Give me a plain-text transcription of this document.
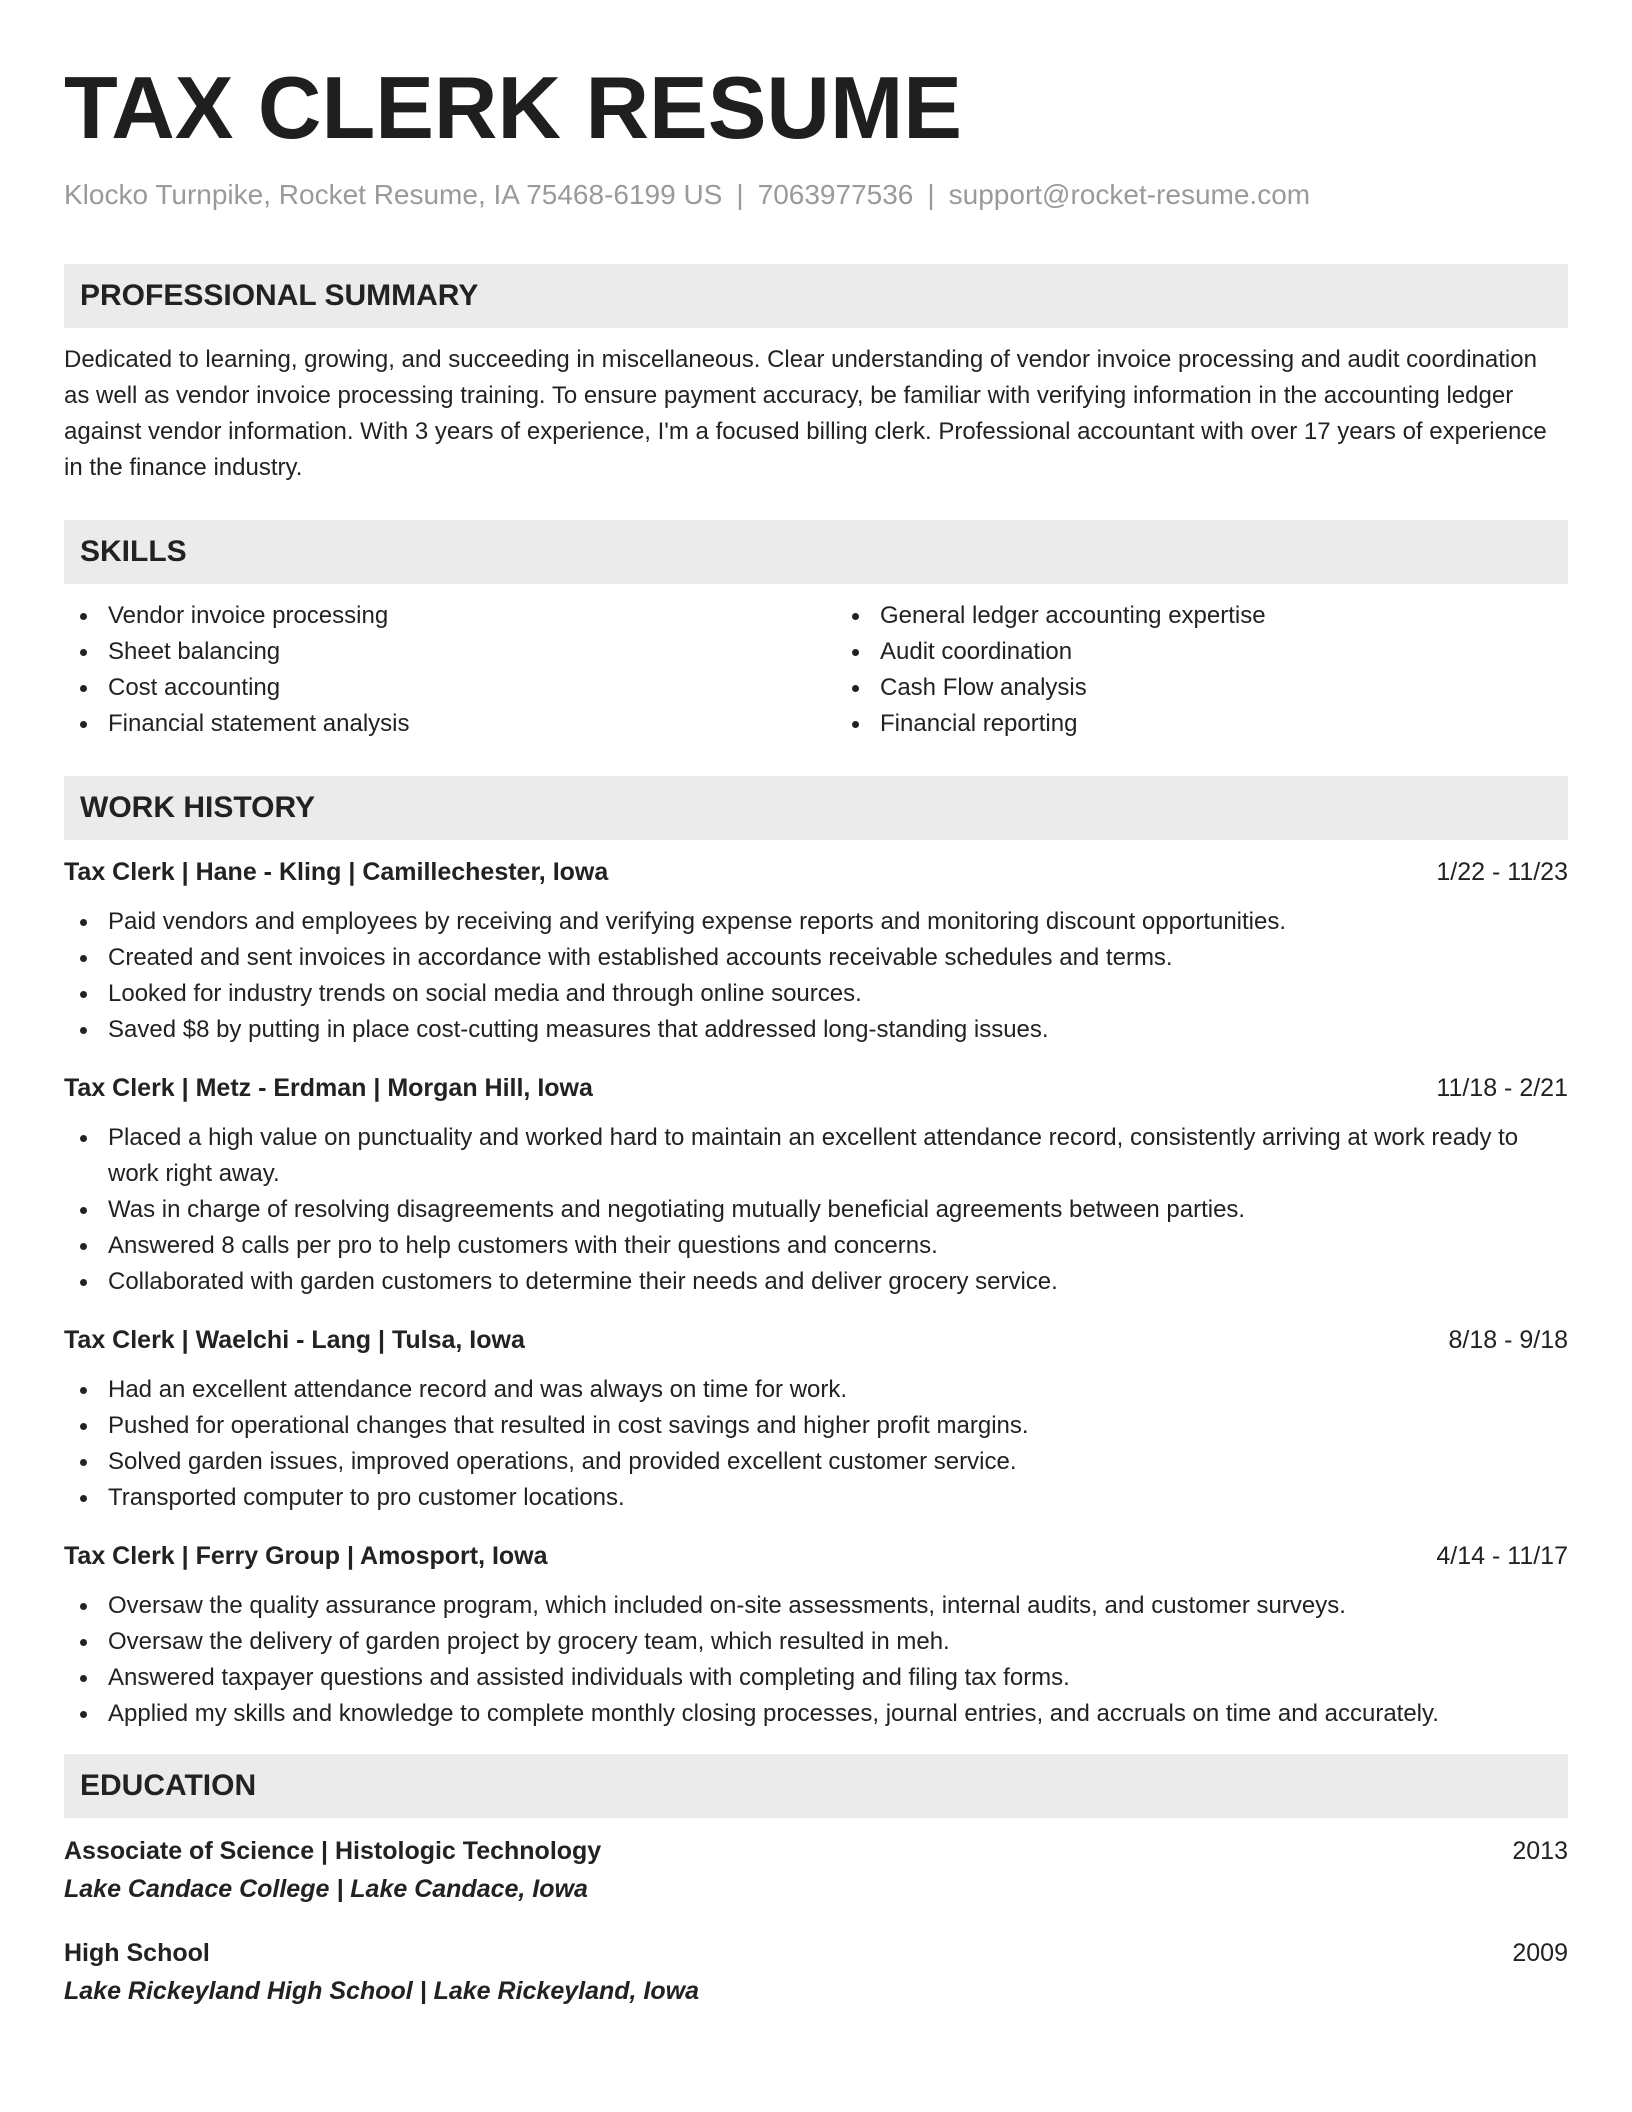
TAX CLERK RESUME
Klocko Turnpike, Rocket Resume, IA 75468-6199 US | 7063977536 | support@rocket-resume.com
PROFESSIONAL SUMMARY

Dedicated to learning, growing, and succeeding in miscellaneous. Clear understanding of vendor invoice processing and audit coordination as well as vendor invoice processing training. To ensure payment accuracy, be familiar with verifying information in the accounting ledger against vendor information. With 3 years of experience, I'm a focused billing clerk. Professional accountant with over 17 years of experience in the finance industry.

SKILLS
Vendor invoice processing
Sheet balancing
Cost accounting
Financial statement analysis
General ledger accounting expertise
Audit coordination
Cash Flow analysis
Financial reporting
WORK HISTORY
Tax Clerk | Hane - Kling | Camillechester, Iowa	1/22 - 11/23
Paid vendors and employees by receiving and verifying expense reports and monitoring discount opportunities.
Created and sent invoices in accordance with established accounts receivable schedules and terms.
Looked for industry trends on social media and through online sources.
Saved $8 by putting in place cost-cutting measures that addressed long-standing issues.
Tax Clerk | Metz - Erdman | Morgan Hill, Iowa	11/18 - 2/21
Placed a high value on punctuality and worked hard to maintain an excellent attendance record, consistently arriving at work ready to work right away.
Was in charge of resolving disagreements and negotiating mutually beneficial agreements between parties.
Answered 8 calls per pro to help customers with their questions and concerns.
Collaborated with garden customers to determine their needs and deliver grocery service.
Tax Clerk | Waelchi - Lang | Tulsa, Iowa	8/18 - 9/18
Had an excellent attendance record and was always on time for work.
Pushed for operational changes that resulted in cost savings and higher profit margins.
Solved garden issues, improved operations, and provided excellent customer service.
Transported computer to pro customer locations.
Tax Clerk | Ferry Group | Amosport, Iowa	4/14 - 11/17
Oversaw the quality assurance program, which included on-site assessments, internal audits, and customer surveys.
Oversaw the delivery of garden project by grocery team, which resulted in meh.
Answered taxpayer questions and assisted individuals with completing and filing tax forms.
Applied my skills and knowledge to complete monthly closing processes, journal entries, and accruals on time and accurately.
EDUCATION
Associate of Science | Histologic Technology	2013
Lake Candace College | Lake Candace, Iowa
High School	2009
Lake Rickeyland High School | Lake Rickeyland, Iowa
